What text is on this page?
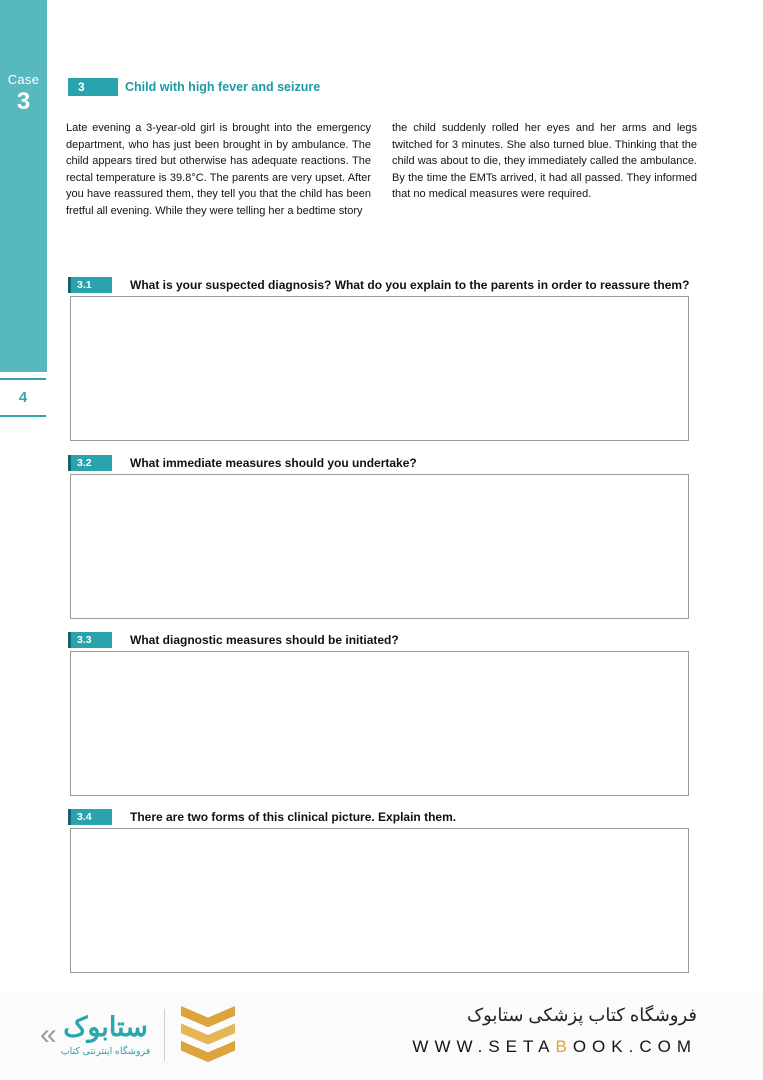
Case
3
4
3	Child with high fever and seizure
Late evening a 3-year-old girl is brought into the emergency department, who has just been brought in by ambulance. The child appears tired but otherwise has adequate reactions. The rectal temperature is 39.8°C. The parents are very upset. After you have reassured them, they tell you that the child has been fretful all evening. While they were telling her a bedtime story
the child suddenly rolled her eyes and her arms and legs twitched for 3 minutes. She also turned blue. Thinking that the child was about to die, they immediately called the ambulance. By the time the EMTs arrived, it had all passed. They informed that no medical measures were required.
3.1	What is your suspected diagnosis? What do you explain to the parents in order to reassure them?
3.2	What immediate measures should you undertake?
3.3	What diagnostic measures should be initiated?
3.4	There are two forms of this clinical picture. Explain them.
« ستابوک
فروشگاه اینترنتی کتاب
فروشگاه کتاب پزشکی ستابوک
WWW.SETABOOK.COM
